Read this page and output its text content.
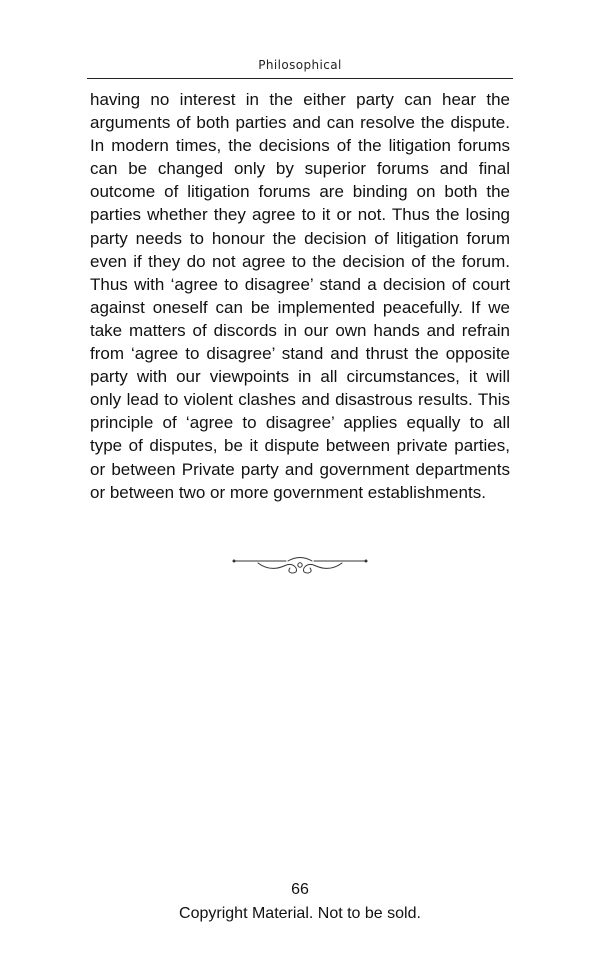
Philosophical

having no interest in the either party can hear the arguments of both parties and can resolve the dispute. In modern times, the decisions of the litigation forums can be changed only by superior forums and final outcome of litigation forums are binding on both the parties whether they agree to it or not. Thus the losing party needs to honour the decision of litigation forum even if they do not agree to the decision of the forum. Thus with ‘agree to disagree’ stand a decision of court against oneself can be implemented peacefully. If we take matters of discords in our own hands and refrain from ‘agree to disagree’ stand and thrust the opposite party with our viewpoints in all circumstances, it will only lead to violent clashes and disastrous results. This principle of ‘agree to disagree’ applies equally to all type of disputes, be it dispute between private parties, or between Private party and government departments or between two or more government establishments.

66
Copyright Material. Not to be sold.
